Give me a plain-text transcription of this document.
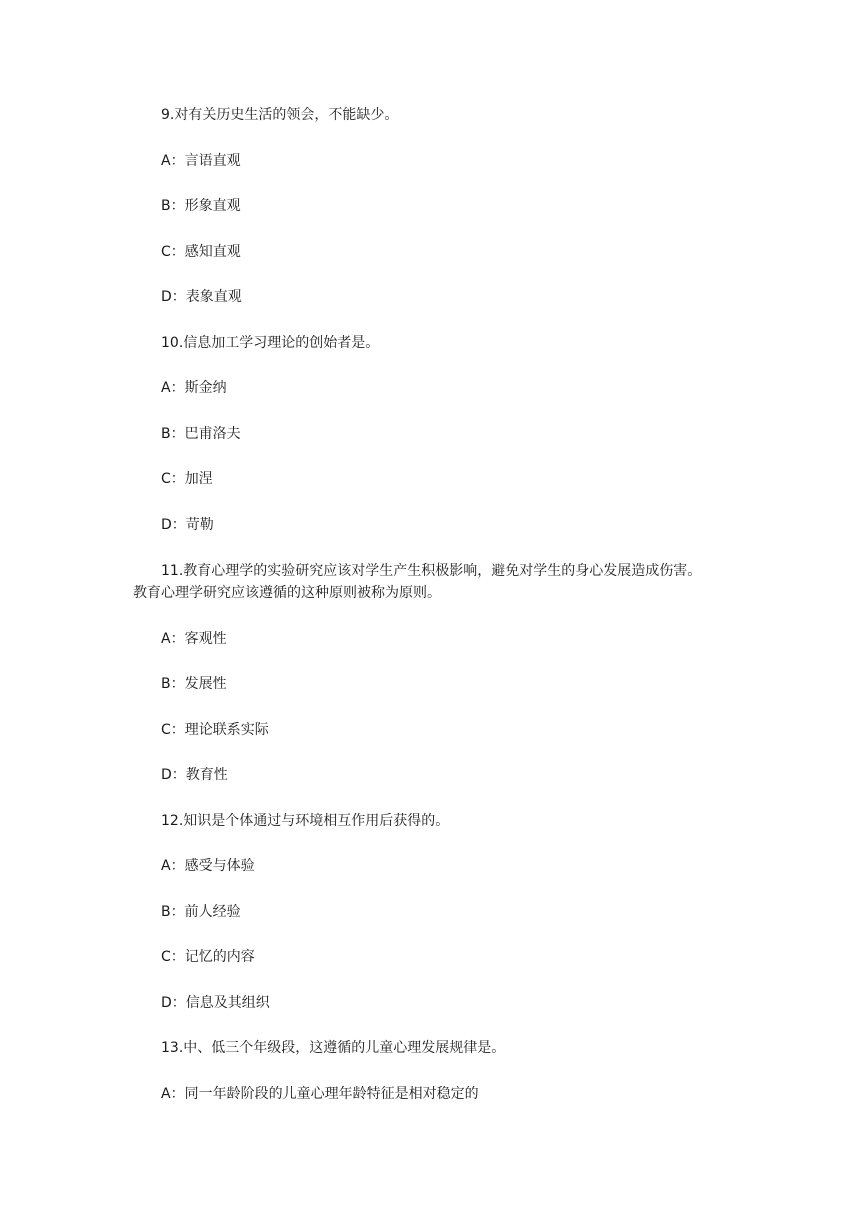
9.对有关历史生活的领会，不能缺少。
A：言语直观
B：形象直观
C：感知直观
D：表象直观
10.信息加工学习理论的创始者是。
A：斯金纳
B：巴甫洛夫
C：加涅
D：苛勒
11.教育心理学的实验研究应该对学生产生积极影响，避免对学生的身心发展造成伤害。
教育心理学研究应该遵循的这种原则被称为原则。
A：客观性
B：发展性
C：理论联系实际
D：教育性
12.知识是个体通过与环境相互作用后获得的。
A：感受与体验
B：前人经验
C：记忆的内容
D：信息及其组织
13.中、低三个年级段，这遵循的儿童心理发展规律是。
A：同一年龄阶段的儿童心理年龄特征是相对稳定的
